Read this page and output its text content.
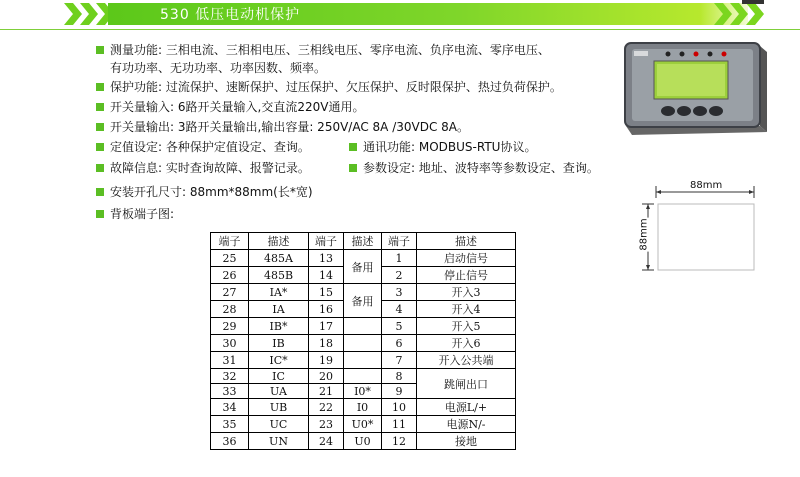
530 低压电动机保护
测量功能: 三相电流、三相相电压、三相线电压、零序电流、负序电流、零序电压、
有功功率、无功功率、功率因数、频率。
保护功能: 过流保护、速断保护、过压保护、欠压保护、反时限保护、热过负荷保护。
开关量输入: 6路开关量输入,交直流220V通用。
开关量输出: 3路开关量输出,输出容量: 250V/AC 8A /30VDC 8A。
定值设定: 各种保护定值设定、查询。	通讯功能: MODBUS-RTU协议。
故障信息: 实时查询故障、报警记录。	参数设定: 地址、波特率等参数设定、查询。
安装开孔尺寸: 88mm*88mm(长*宽)
背板端子图:
88mm
88mm
端子	描述	端子	描述	端子	描述
25	485A	13	备用	1	启动信号
26	485B	14		2	停止信号
27	IA*	15	备用	3	开入3
28	IA	16		4	开入4
29	IB*	17		5	开入5
30	IB	18		6	开入6
31	IC*	19		7	开入公共端
32	IC	20		8	跳闸出口
33	UA	21	I0*	9	
34	UB	22	I0	10	电源L/+
35	UC	23	U0*	11	电源N/-
36	UN	24	U0	12	接地
